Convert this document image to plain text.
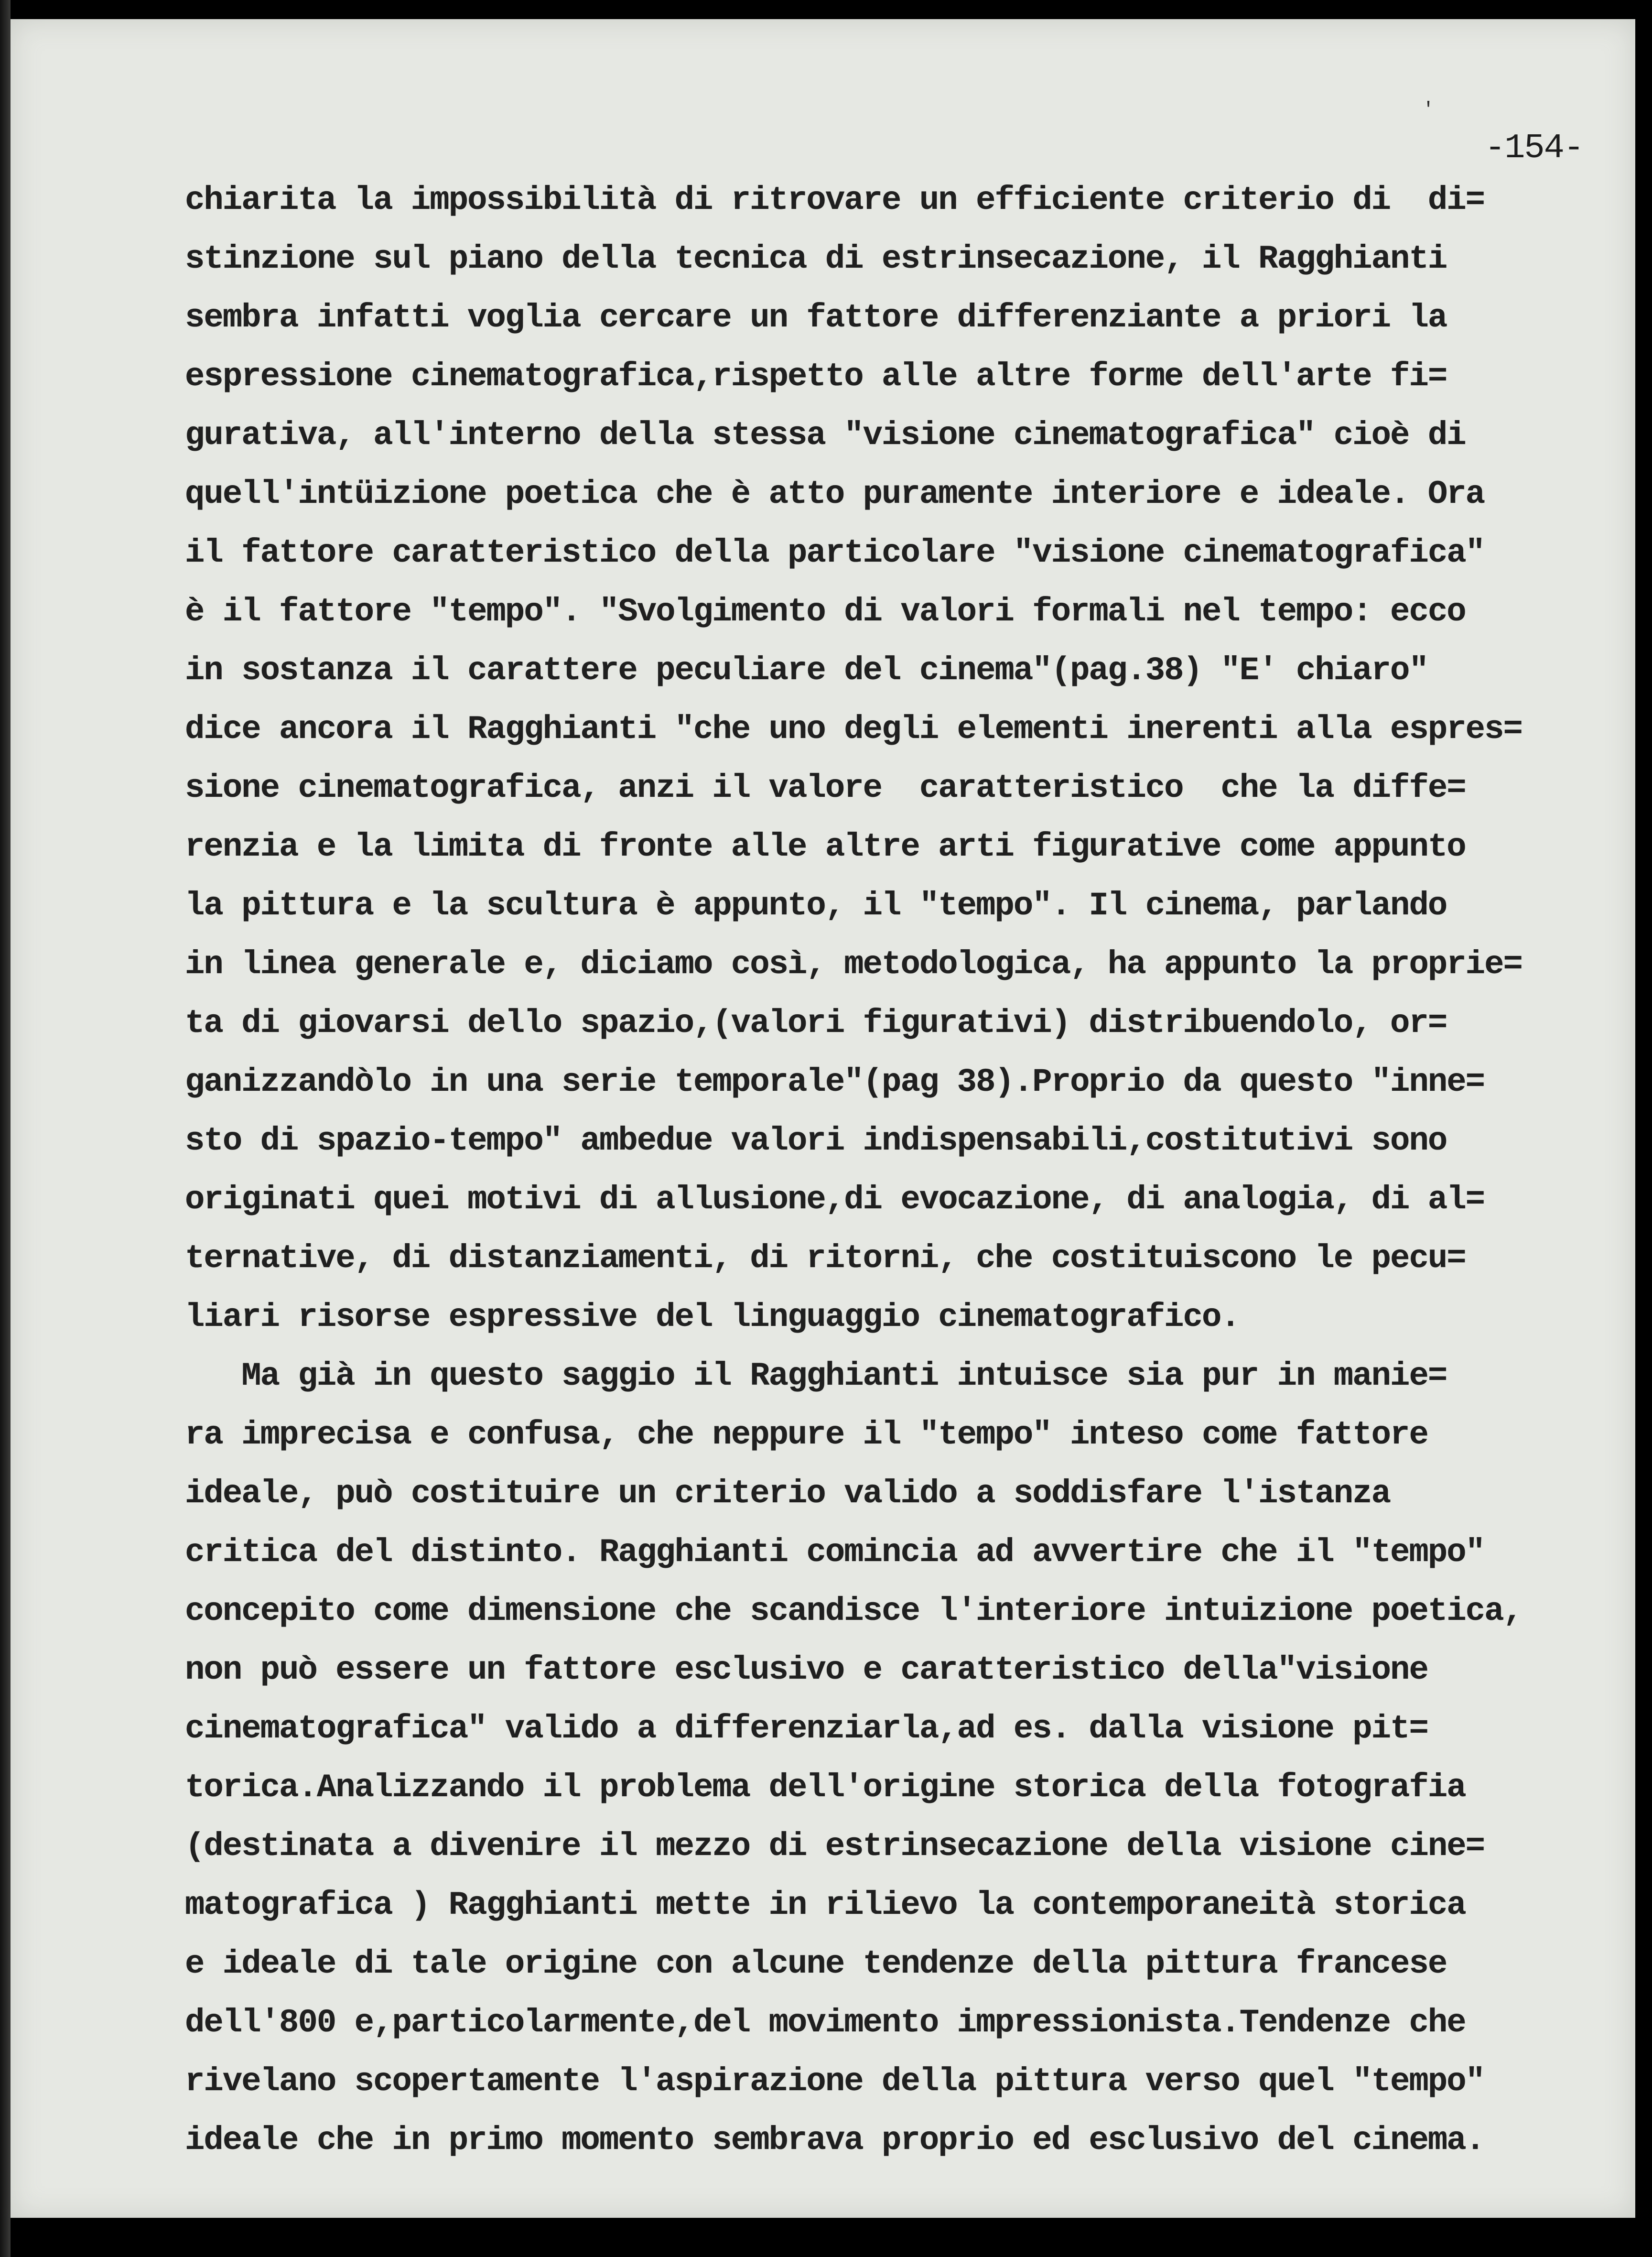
'
-154-
chiarita la impossibilità di ritrovare un efficiente criterio di  di=
stinzione sul piano della tecnica di estrinsecazione, il Ragghianti
sembra infatti voglia cercare un fattore differenziante a priori la
espressione cinematografica,rispetto alle altre forme dell'arte fi=
gurativa, all'interno della stessa "visione cinematografica" cioè di
quell'intüizione poetica che è atto puramente interiore e ideale. Ora
il fattore caratteristico della particolare "visione cinematografica"
è il fattore "tempo". "Svolgimento di valori formali nel tempo: ecco
in sostanza il carattere peculiare del cinema"(pag.38) "E' chiaro"
dice ancora il Ragghianti "che uno degli elementi inerenti alla espres=
sione cinematografica, anzi il valore  caratteristico  che la diffe=
renzia e la limita di fronte alle altre arti figurative come appunto
la pittura e la scultura è appunto, il "tempo". Il cinema, parlando
in linea generale e, diciamo così, metodologica, ha appunto la proprie=
ta di giovarsi dello spazio,(valori figurativi) distribuendolo, or=
ganizzandòlo in una serie temporale"(pag 38).Proprio da questo "inne=
sto di spazio-tempo" ambedue valori indispensabili,costitutivi sono
originati quei motivi di allusione,di evocazione, di analogia, di al=
ternative, di distanziamenti, di ritorni, che costituiscono le pecu=
liari risorse espressive del linguaggio cinematografico.
Ma già in questo saggio il Ragghianti intuisce sia pur in manie=
ra imprecisa e confusa, che neppure il "tempo" inteso come fattore
ideale, può costituire un criterio valido a soddisfare l'istanza
critica del distinto. Ragghianti comincia ad avvertire che il "tempo"
concepito come dimensione che scandisce l'interiore intuizione poetica,
non può essere un fattore esclusivo e caratteristico della"visione
cinematografica" valido a differenziarla,ad es. dalla visione pit=
torica.Analizzando il problema dell'origine storica della fotografia
(destinata a divenire il mezzo di estrinsecazione della visione cine=
matografica ) Ragghianti mette in rilievo la contemporaneità storica
e ideale di tale origine con alcune tendenze della pittura francese
dell'800 e,particolarmente,del movimento impressionista.Tendenze che
rivelano scopertamente l'aspirazione della pittura verso quel "tempo"
ideale che in primo momento sembrava proprio ed esclusivo del cinema.
